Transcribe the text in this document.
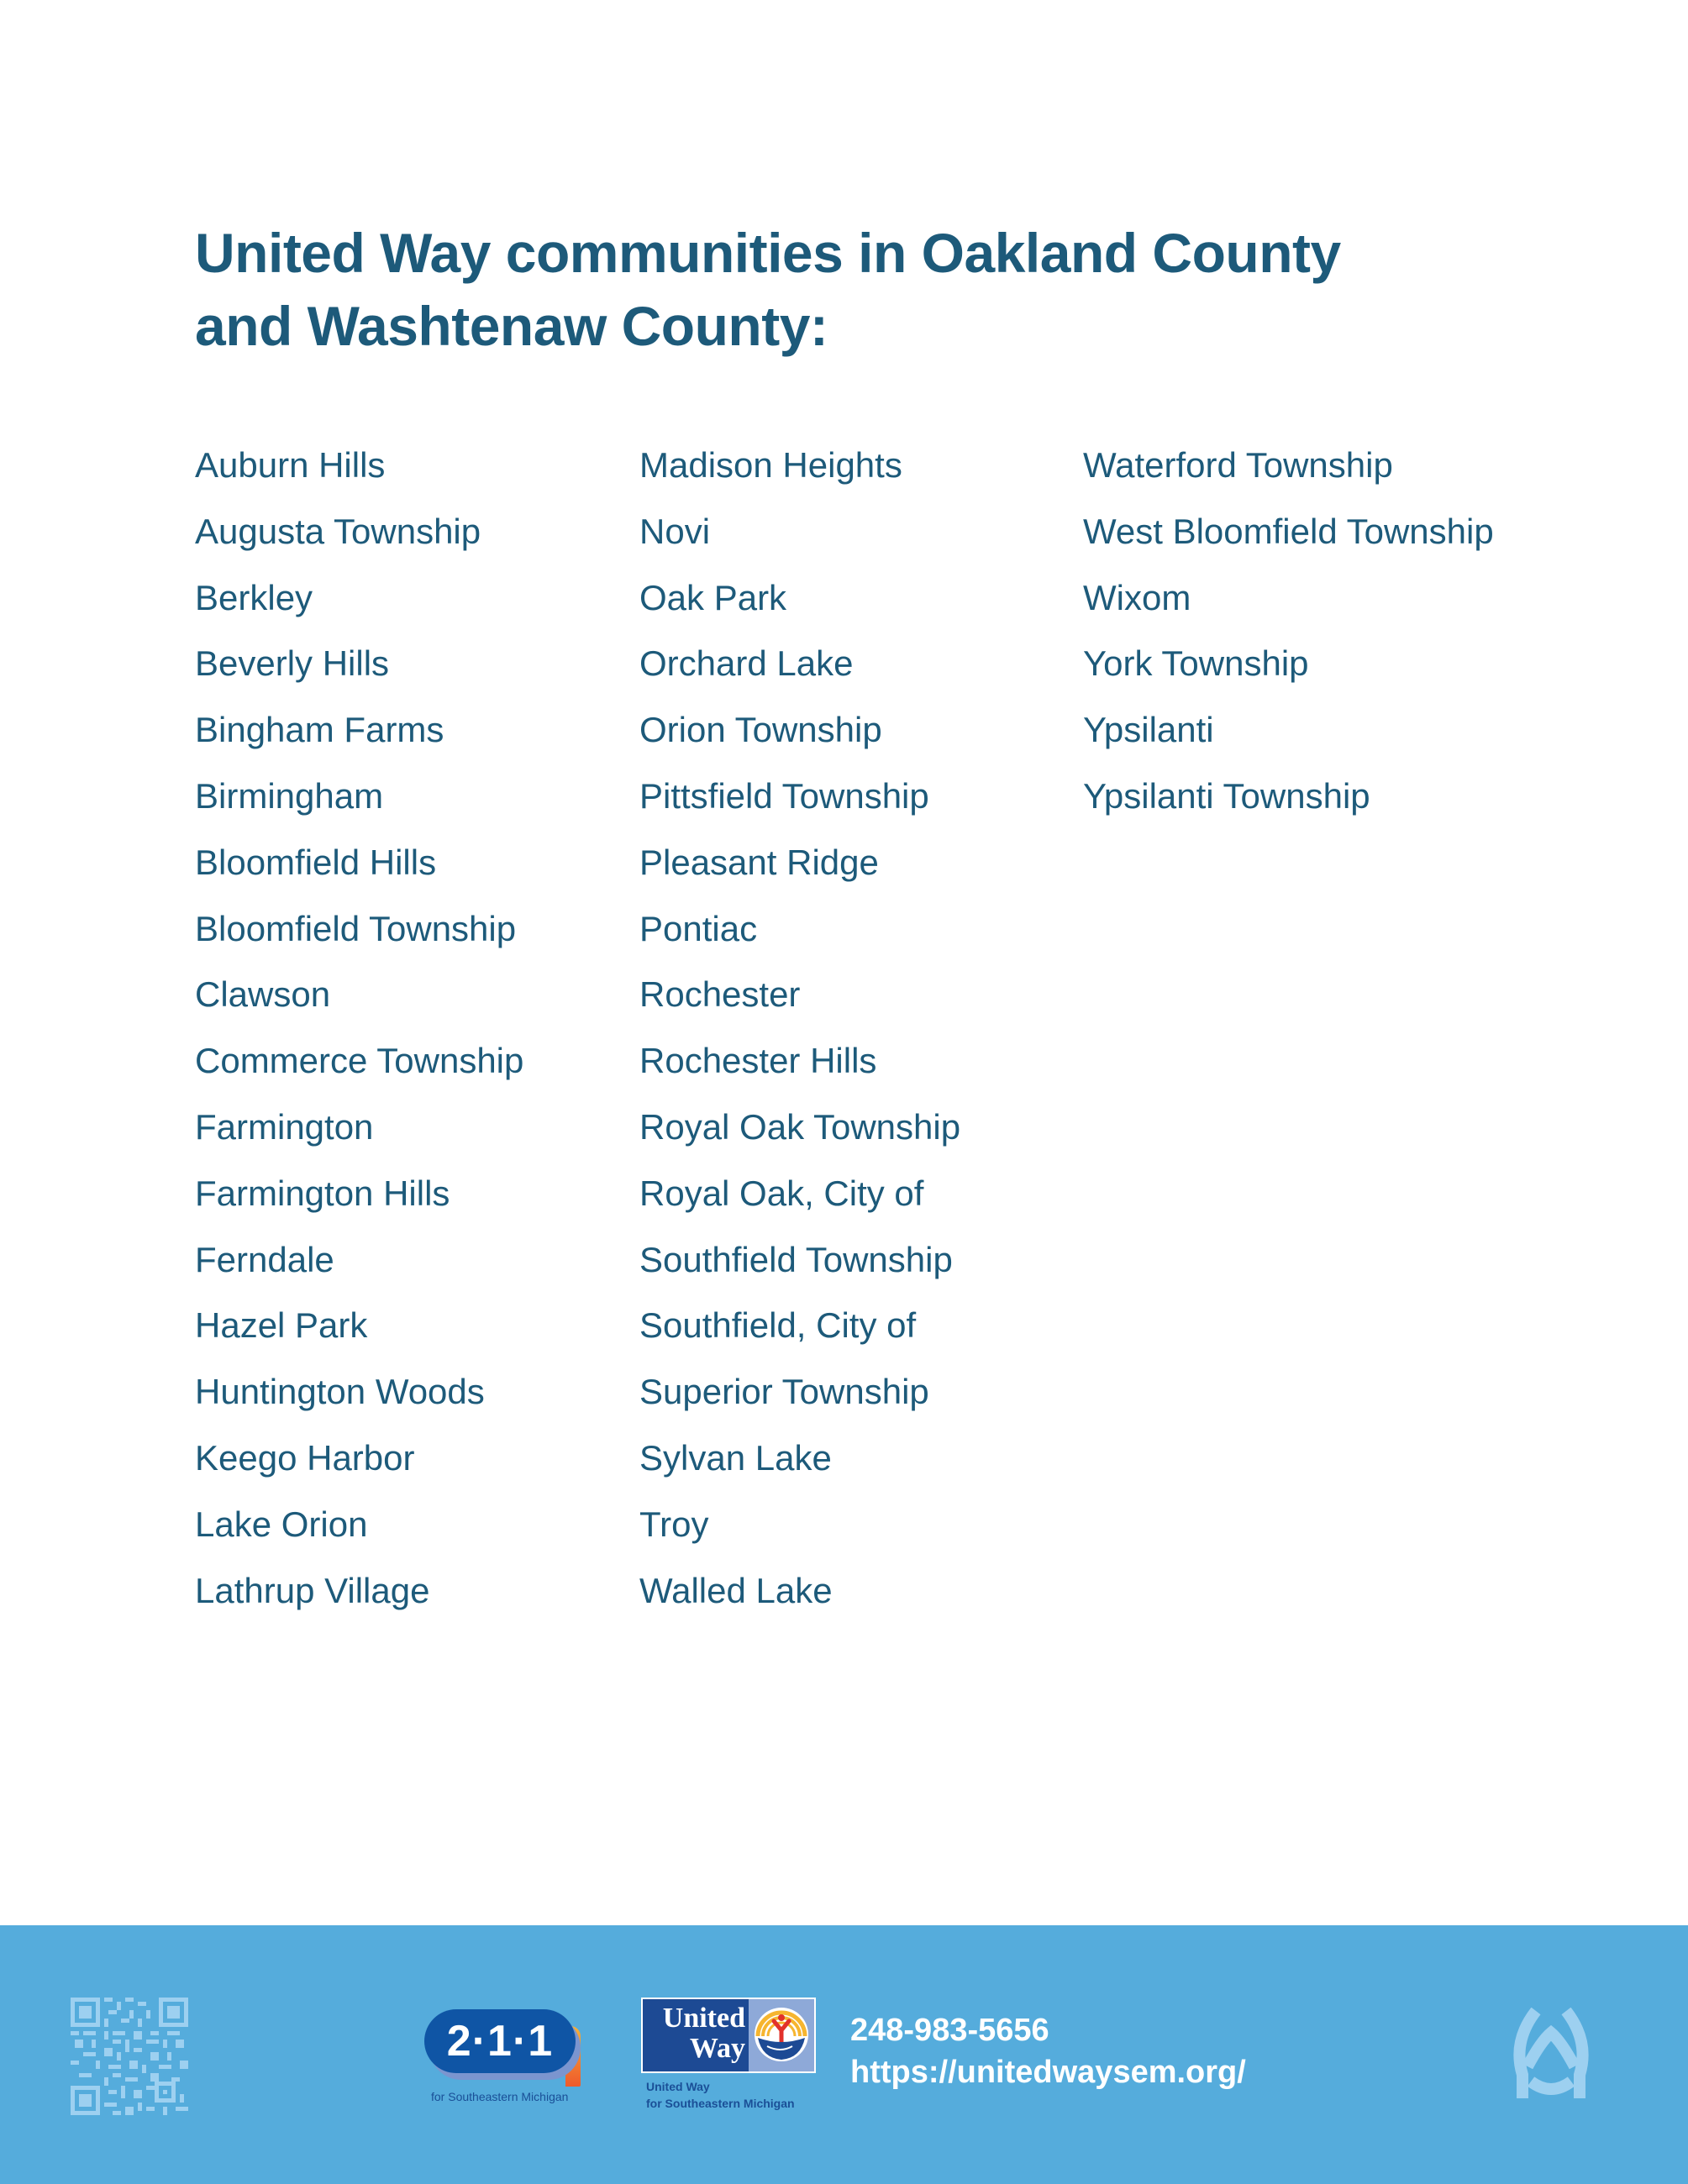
United Way communities in Oakland County
and Washtenaw County:
Auburn Hills
Augusta Township
Berkley
Beverly Hills
Bingham Farms
Birmingham
Bloomfield Hills
Bloomfield Township
Clawson
Commerce Township
Farmington
Farmington Hills
Ferndale
Hazel Park
Huntington Woods
Keego Harbor
Lake Orion
Lathrup Village
Madison Heights
Novi
Oak Park
Orchard Lake
Orion Township
Pittsfield Township
Pleasant Ridge
Pontiac
Rochester
Rochester Hills
Royal Oak Township
Royal Oak, City of
Southfield Township
Southfield, City of
Superior Township
Sylvan Lake
Troy
Walled Lake
Waterford Township
West Bloomfield Township
Wixom
York Township
Ypsilanti
Ypsilanti Township
2·1·1
for Southeastern Michigan
United
Way
United Way
for Southeastern Michigan
248-983-5656
https://unitedwaysem.org/
